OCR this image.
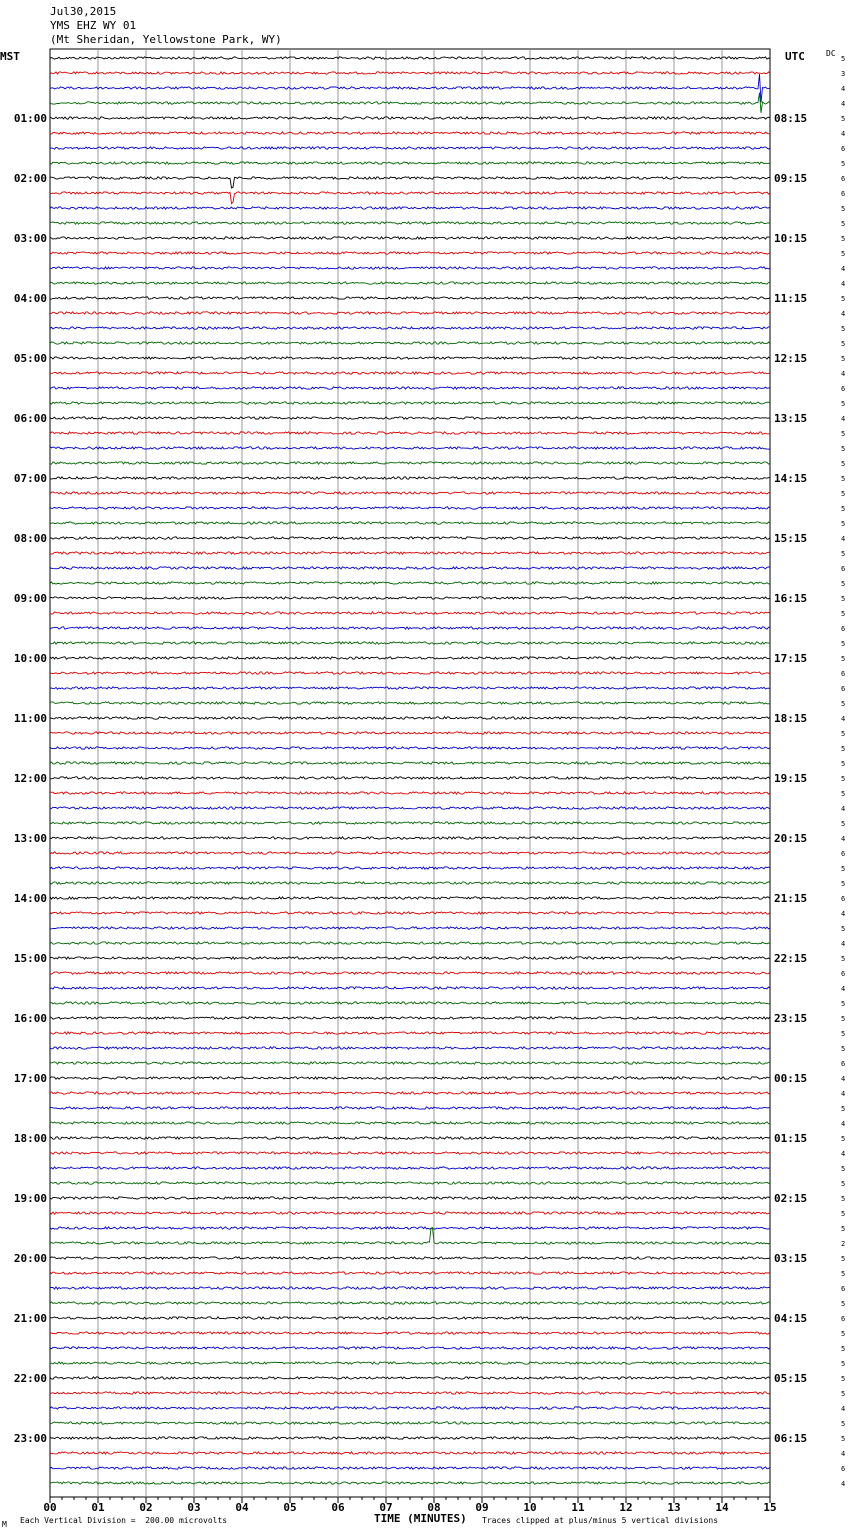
Jul30,2015
YMS EHZ WY 01
(Mt Sheridan, Yellowstone Park, WY)
MST	UTC	DC
00	01	02	03	04	05	06	07	08	09	10	11	12	13	14	15
5
3
4
4
5
4
6
5
6
6
5
5
5
5
4
4
5
4
5
5
5
4
6
5
4
5
5
5
5
5
5
5
4
5
6
5
5
5
6
5
5
6
6
5
4
5
5
5
5
5
4
5
4
6
5
5
6
4
5
4
5
6
4
5
5
5
5
6
4
4
5
4
5
4
5
5
5
5
5
2
5
5
6
5
6
5
5
5
5
5
4
5
5
4
6
4
01:00
02:00
03:00
04:00
05:00
06:00
07:00
08:00
09:00
10:00
11:00
12:00
13:00
14:00
15:00
16:00
17:00
18:00
19:00
20:00
21:00
22:00
23:00
08:15
09:15
10:15
11:15
12:15
13:15
14:15
15:15
16:15
17:15
18:15
19:15
20:15
21:15
22:15
23:15
00:15
01:15
02:15
03:15
04:15
05:15
06:15
M Each Vertical Division =  200.00 microvolts	TIME (MINUTES) Traces clipped at plus/minus 5 vertical divisions
